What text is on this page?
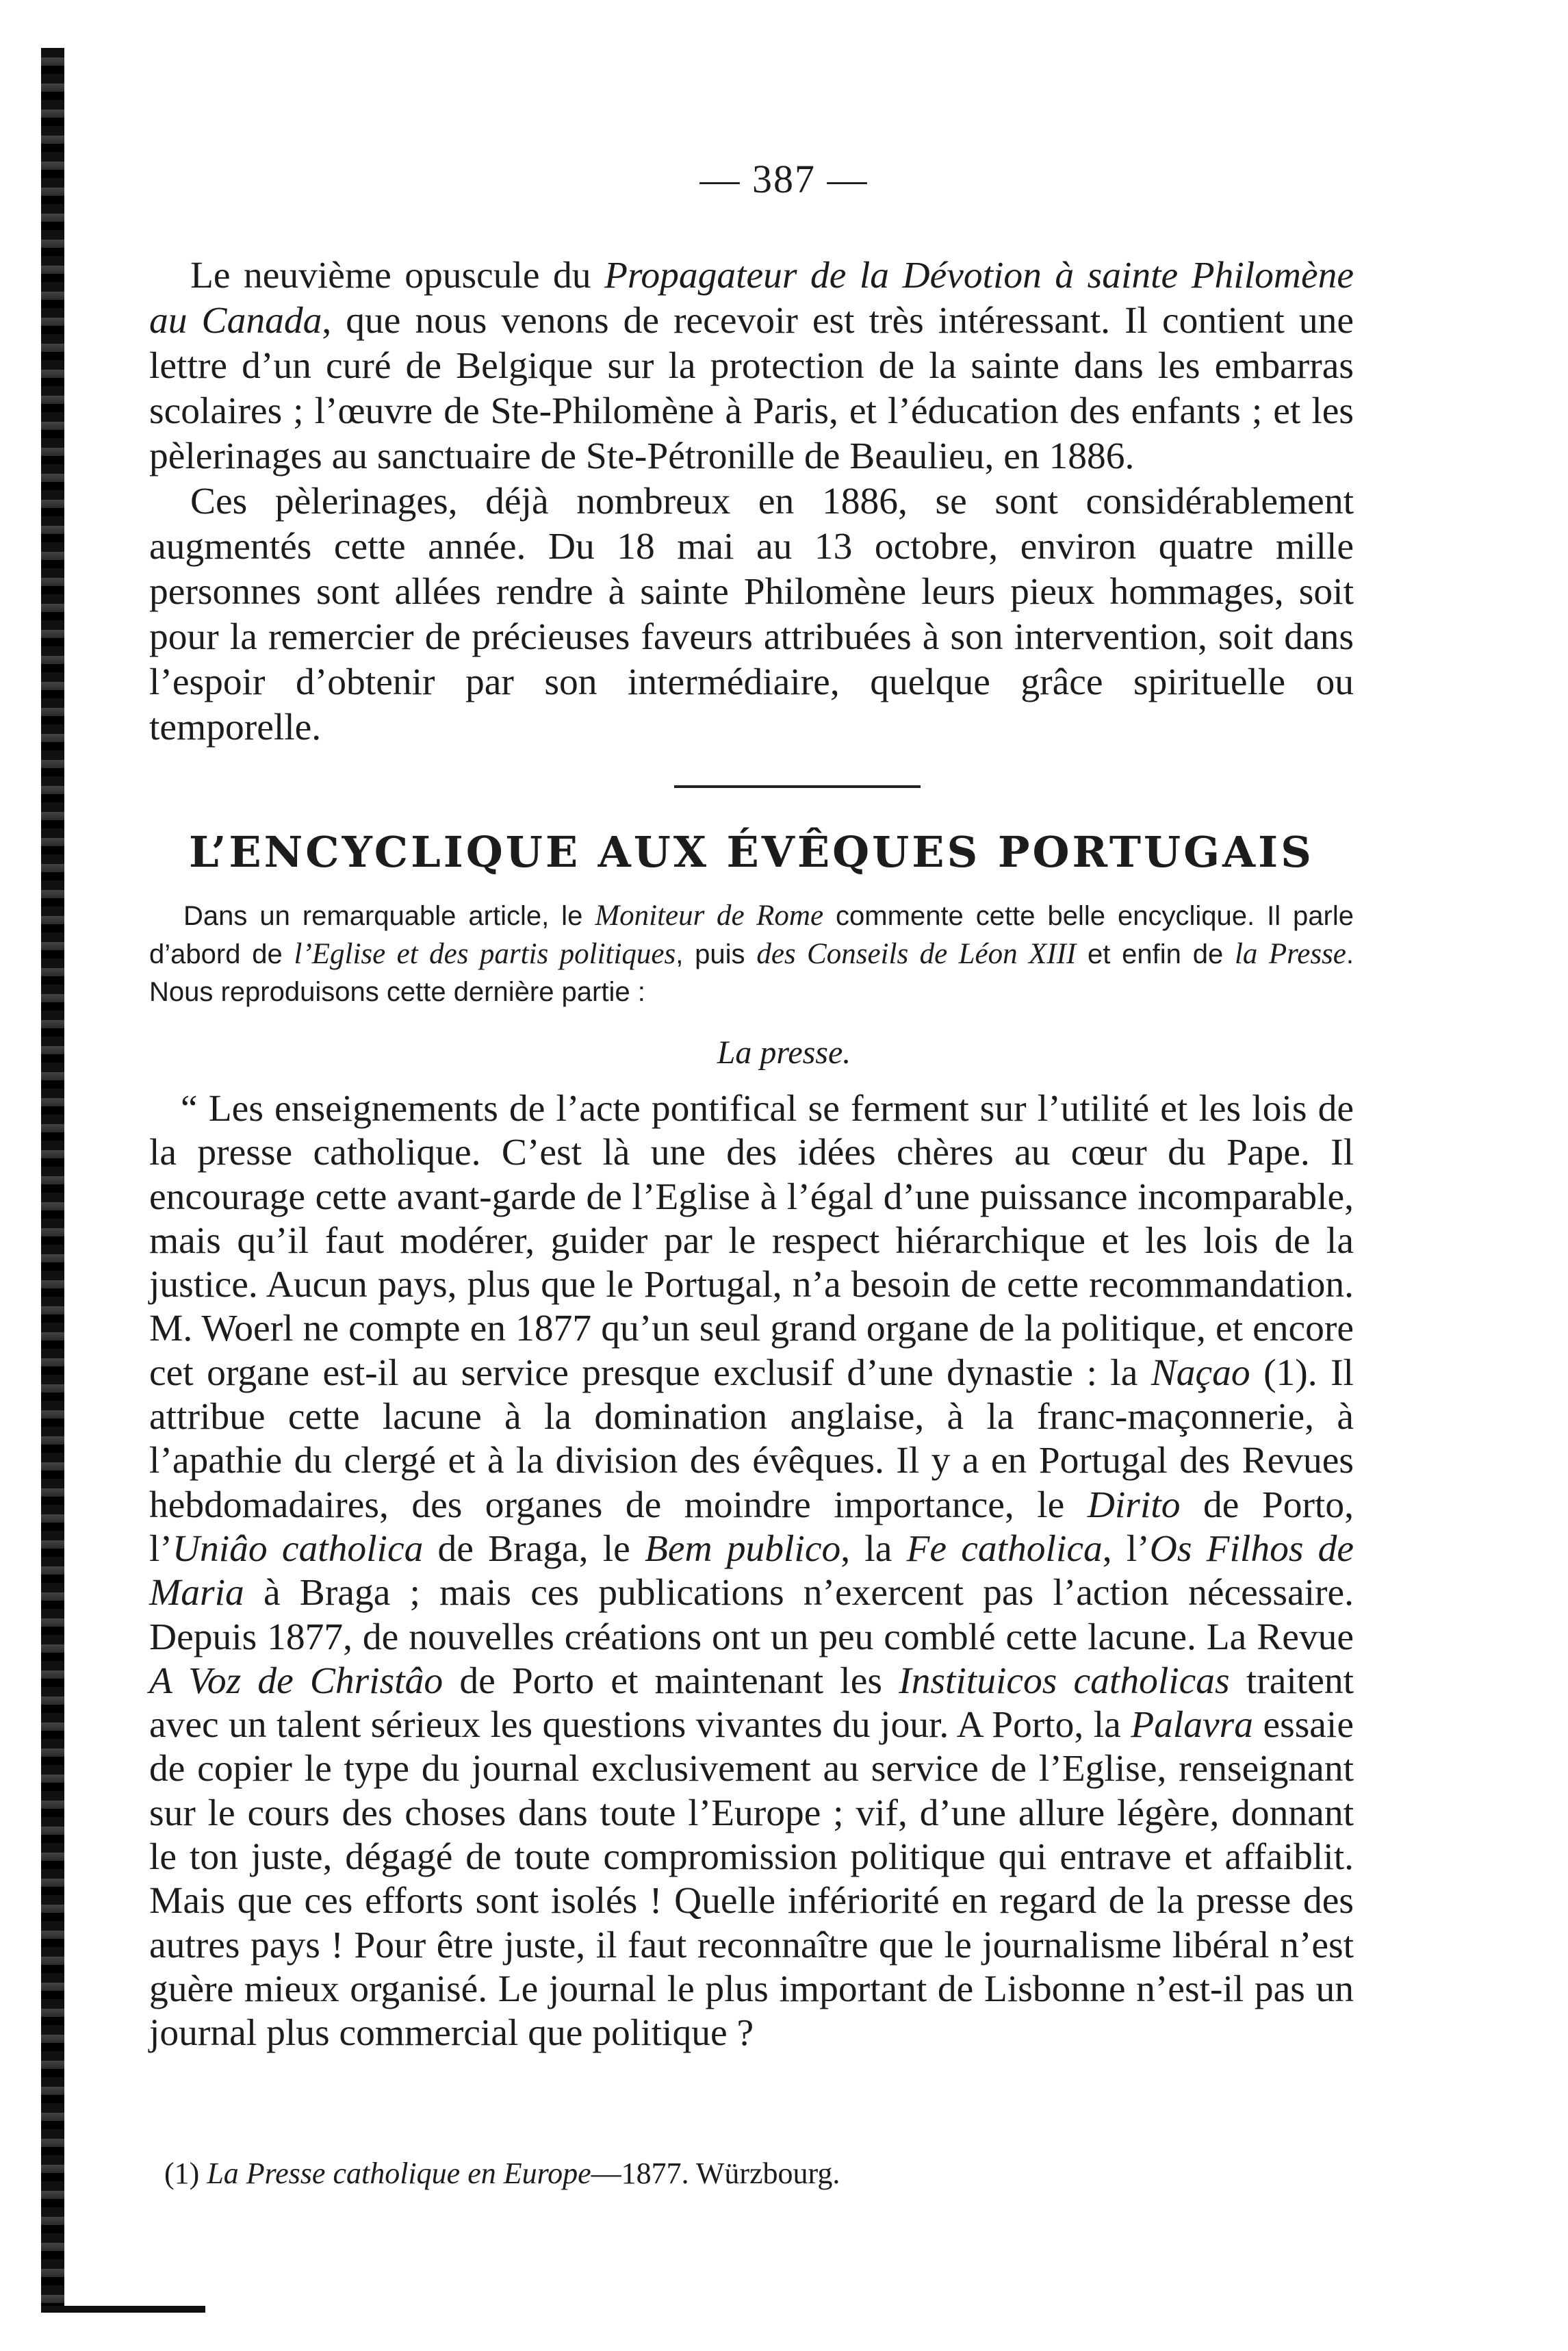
— 387 —

Le neuvième opuscule du Propagateur de la Dévotion à sainte Philomène au Canada, que nous venons de recevoir est très intéressant. Il contient une lettre d’un curé de Belgique sur la protection de la sainte dans les embarras scolaires ; l’œuvre de Ste-Philomène à Paris, et l’éducation des enfants ; et les pèlerinages au sanctuaire de Ste-Pétronille de Beaulieu, en 1886.

Ces pèlerinages, déjà nombreux en 1886, se sont considérablement augmentés cette année. Du 18 mai au 13 octobre, environ quatre mille personnes sont allées rendre à sainte Philomène leurs pieux hommages, soit pour la remercier de précieuses faveurs attribuées à son intervention, soit dans l’espoir d’obtenir par son intermédiaire, quelque grâce spirituelle ou temporelle.

L’ENCYCLIQUE AUX ÉVÊQUES PORTUGAIS

Dans un remarquable article, le Moniteur de Rome commente cette belle encyclique. Il parle d’abord de l’Eglise et des partis politiques, puis des Conseils de Léon XIII et enfin de la Presse. Nous reproduisons cette dernière partie :

La presse.

“ Les enseignements de l’acte pontifical se ferment sur l’utilité et les lois de la presse catholique. C’est là une des idées chères au cœur du Pape. Il encourage cette avant-garde de l’Eglise à l’égal d’une puissance incomparable, mais qu’il faut modérer, guider par le respect hiérarchique et les lois de la justice. Aucun pays, plus que le Portugal, n’a besoin de cette recommandation. M. Woerl ne compte en 1877 qu’un seul grand organe de la politique, et encore cet organe est-il au service presque exclusif d’une dynastie : la Naçao (1). Il attribue cette lacune à la domination anglaise, à la franc-maçonnerie, à l’apathie du clergé et à la division des évêques. Il y a en Portugal des Revues hebdomadaires, des organes de moindre importance, le Dirito de Porto, l’Uniâo catholica de Braga, le Bem publico, la Fe catholica, l’Os Filhos de Maria à Braga ; mais ces publications n’exercent pas l’action nécessaire. Depuis 1877, de nouvelles créations ont un peu comblé cette lacune. La Revue A Voz de Christâo de Porto et maintenant les Instituicos catholicas traitent avec un talent sérieux les questions vivantes du jour. A Porto, la Palavra essaie de copier le type du journal exclusivement au service de l’Eglise, renseignant sur le cours des choses dans toute l’Europe ; vif, d’une allure légère, donnant le ton juste, dégagé de toute compromission politique qui entrave et affaiblit. Mais que ces efforts sont isolés ! Quelle infériorité en regard de la presse des autres pays ! Pour être juste, il faut reconnaître que le journalisme libéral n’est guère mieux organisé. Le journal le plus important de Lisbonne n’est-il pas un journal plus commercial que politique ?

(1) La Presse catholique en Europe—1877. Würzbourg.
